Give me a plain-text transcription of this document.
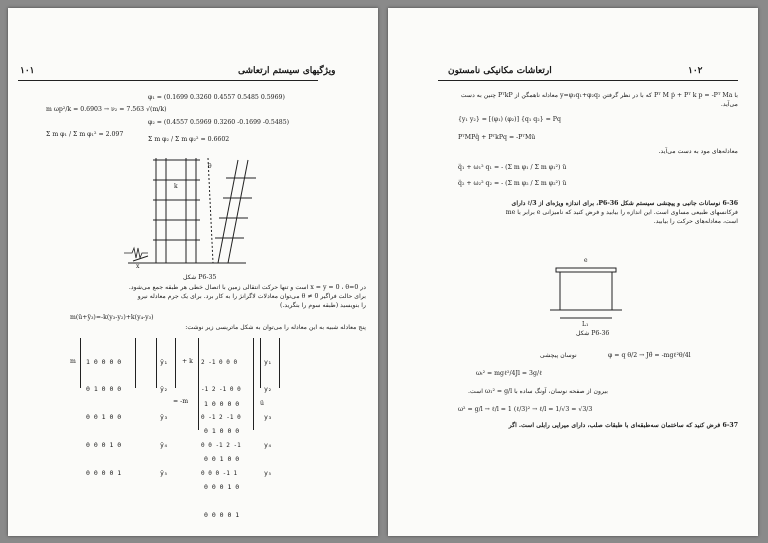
۱۰۱	ویژگیهای سیستم ارتعاشی
φ₁ = (0.1699 0.3260 0.4557 0.5485 0.5969)
m ωp²/k = 0.6903 → ν₂ = 7.563 √(m/k)
φ₂ = (0.4557 0.5969 0.3260 -0.1699 -0.5485)
Σ m φ₁ / Σ m φ₁² = 2.097
Σ m φ₂ / Σ m φ₂² = 0.6602
k
θ
x
شکل P6-35
در x = y = 0 ، θ=0 است و تنها حرکت انتقالی زمین با اتصال خطی هر طبقه جمع می‌شود.
برای حالت فراگیر θ ≠ 0 می‌توان معادلات لاگرانژ را به کار برد. برای یک جرم معادله نیرو
را بنویسید (طبقه سوم را بنگرید.)
m(ü+ÿ₃)=-k(y₃-y₂)+k(y₄-y₃)
پنج معادله شبیه به این معادله را می‌توان به شکل ماتریسی زیر نوشت:
m

1 0 0 0 0

0 1 0 0 0

0 0 1 0 0

0 0 0 1 0

0 0 0 0 1

ÿ₁

ÿ₂

ÿ₃

ÿ₄

ÿ₅

+ k

2 -1 0 0 0

-1 2 -1 0 0

0 -1 2 -1 0

0 0 -1 2 -1

0 0 0 -1 1

y₁

y₂

y₃

y₄

y₅

= -m

1 0 0 0 0

0 1 0 0 0

0 0 1 0 0

0 0 0 1 0

0 0 0 0 1

ü
ارتعاشات مکانیکی نامستون	۱۰۲
با Pᵀ M ṗ + Pᵀ k p = -Pᵀ Ma که با در نظر گرفتن y=φ₁q₁+φ₂q₂ معادله ناهمگن از PᵀkP چنین به دست
می‌آید.
{y₁ y₂} = [(φ₁) (φ₂)] {q₁ q₂} = Pq
PᵀMPq̈ + PᵀkPq = -PᵀMü
معادله‌های مود به دست می‌آید.
q̈₁ + ω₁² q₁ = - (Σ m φ₁ / Σ m φ₁²) ü
q̈₂ + ω₂² q₂ = - (Σ m φ₂ / Σ m φ₂²) ü
6-36 نوسانات جانبی و پیچشی سیستم شکل P6-36، برای اندازه ویژه‌ای از ℓ/3 دارای
فرکانسهای طبیعی مساوی است. این اندازه را بیابید و فرض کنید که نامیزانی e برابر با me
است، معادله‌های حرکت را بیابید.
e
L₁
شکل P6-36
نوسان پیچشی	φ = q θ/2 → Jθ̈ = -mgℓ²θ/4l
ωₜ² = mgℓ²/4Jl = 3g/ℓ
بیرون از صفحه نوسان، آونگ ساده با ω₁² = g/l است.
ω² = g/l → ℓ/l = 1 (ℓ/3)² → ℓ/l = 1/√3 = √3/3
6-37 فرض کنید که ساختمان سه‌طبقه‌ای با طبقات صلب، دارای میرایی رابلی است. اگر
